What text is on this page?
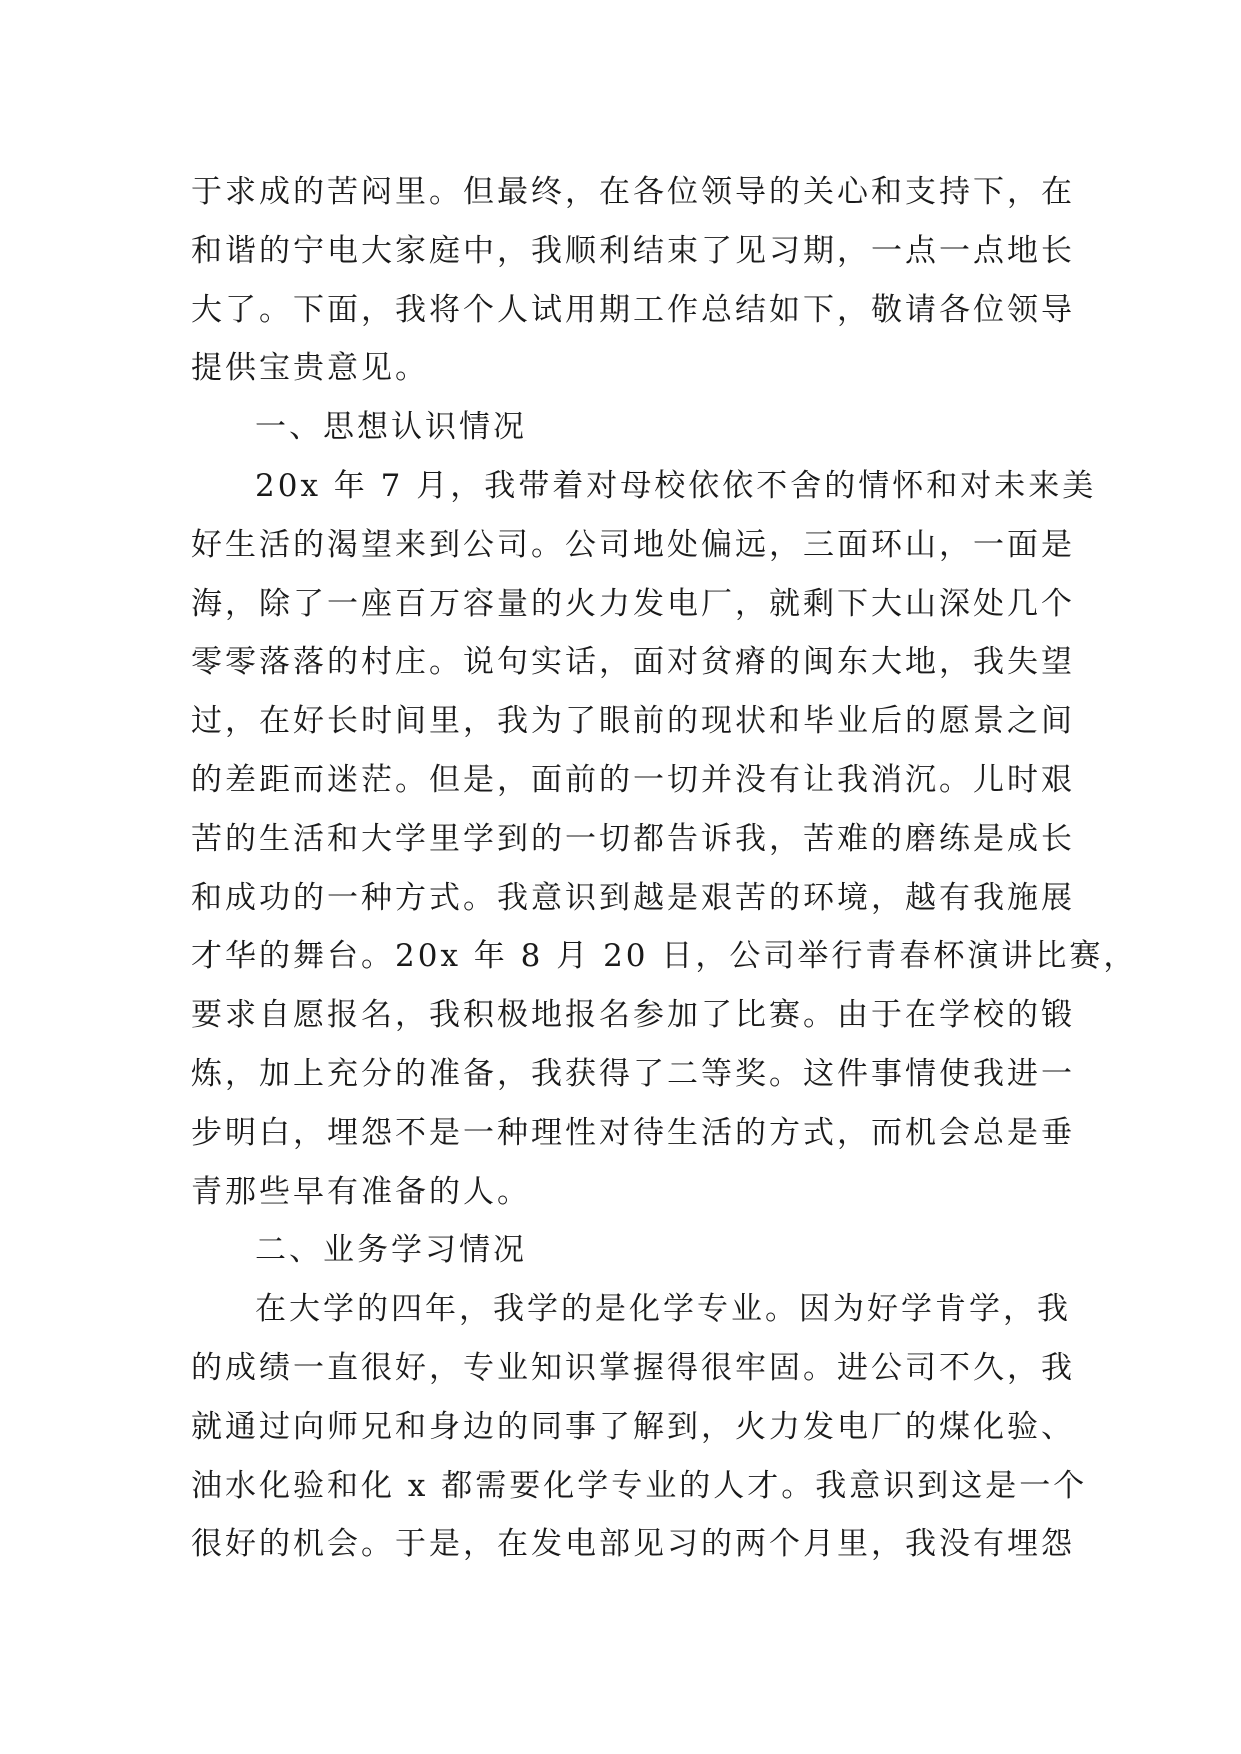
于求成的苦闷里。但最终，在各位领导的关心和支持下，在
和谐的宁电大家庭中，我顺利结束了见习期，一点一点地长
大了。下面，我将个人试用期工作总结如下，敬请各位领导
提供宝贵意见。
一、思想认识情况
20x 年 7 月，我带着对母校依依不舍的情怀和对未来美
好生活的渴望来到公司。公司地处偏远，三面环山，一面是
海，除了一座百万容量的火力发电厂，就剩下大山深处几个
零零落落的村庄。说句实话，面对贫瘠的闽东大地，我失望
过，在好长时间里，我为了眼前的现状和毕业后的愿景之间
的差距而迷茫。但是，面前的一切并没有让我消沉。儿时艰
苦的生活和大学里学到的一切都告诉我，苦难的磨练是成长
和成功的一种方式。我意识到越是艰苦的环境，越有我施展
才华的舞台。20x 年 8 月 20 日，公司举行青春杯演讲比赛，
要求自愿报名，我积极地报名参加了比赛。由于在学校的锻
炼，加上充分的准备，我获得了二等奖。这件事情使我进一
步明白，埋怨不是一种理性对待生活的方式，而机会总是垂
青那些早有准备的人。
二、业务学习情况
在大学的四年，我学的是化学专业。因为好学肯学，我
的成绩一直很好，专业知识掌握得很牢固。进公司不久，我
就通过向师兄和身边的同事了解到，火力发电厂的煤化验、
油水化验和化 x 都需要化学专业的人才。我意识到这是一个
很好的机会。于是，在发电部见习的两个月里，我没有埋怨
